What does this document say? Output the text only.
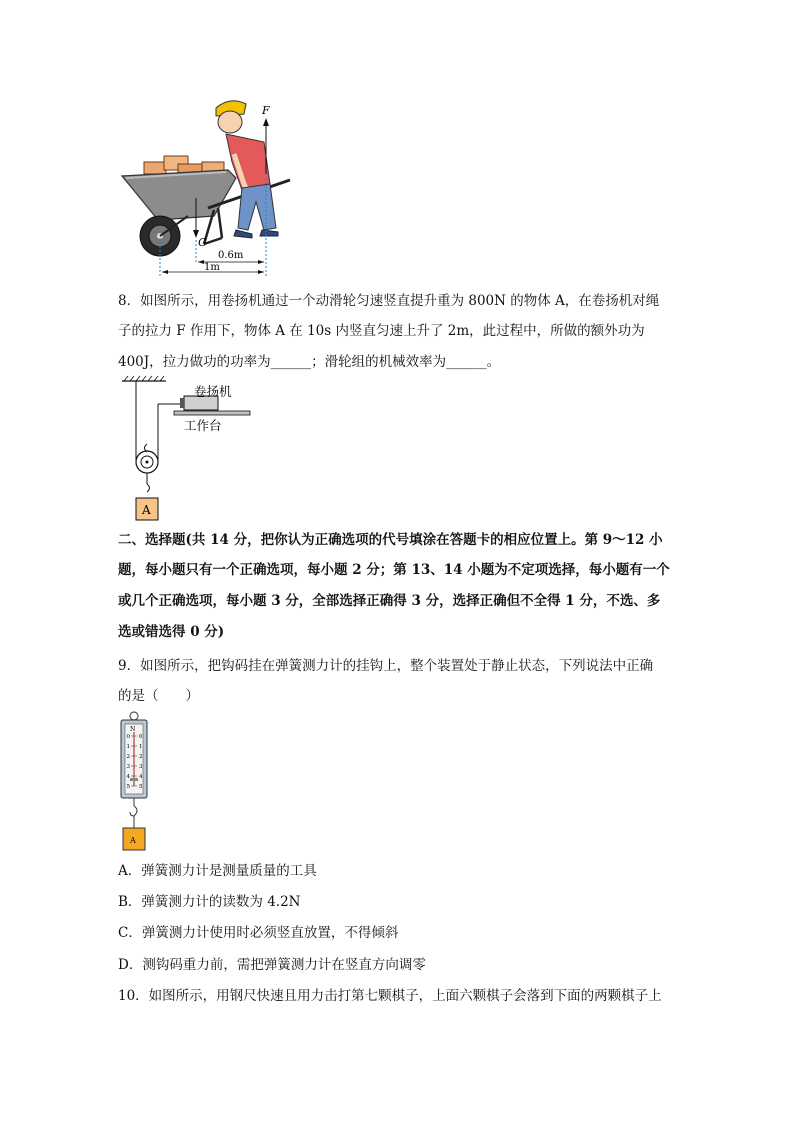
F
G
0.6m
1m
8．如图所示，用卷扬机通过一个动滑轮匀速竖直提升重为 800N 的物体 A，在卷扬机对绳
子的拉力 F 作用下，物体 A 在 10s 内竖直匀速上升了 2m，此过程中，所做的额外功为
400J，拉力做功的功率为______；滑轮组的机械效率为______。
卷扬机
工作台
A
二、选择题(共 14 分，把你认为正确选项的代号填涂在答题卡的相应位置上。第 9～12 小
题，每小题只有一个正确选项，每小题 2 分；第 13、14 小题为不定项选择，每小题有一个
或几个正确选项，每小题 3 分，全部选择正确得 3 分，选择正确但不全得 1 分，不选、多
选或错选得 0 分)
9．如图所示，把钩码挂在弹簧测力计的挂钩上，整个装置处于静止状态，下列说法中正确
的是（　　）
N
0 0
1 1
2 2
3 3
4 4
5 5
A
A．弹簧测力计是测量质量的工具
B．弹簧测力计的读数为 4.2N
C．弹簧测力计使用时必须竖直放置，不得倾斜
D．测钩码重力前，需把弹簧测力计在竖直方向调零
10．如图所示，用钢尺快速且用力击打第七颗棋子，上面六颗棋子会落到下面的两颗棋子上
